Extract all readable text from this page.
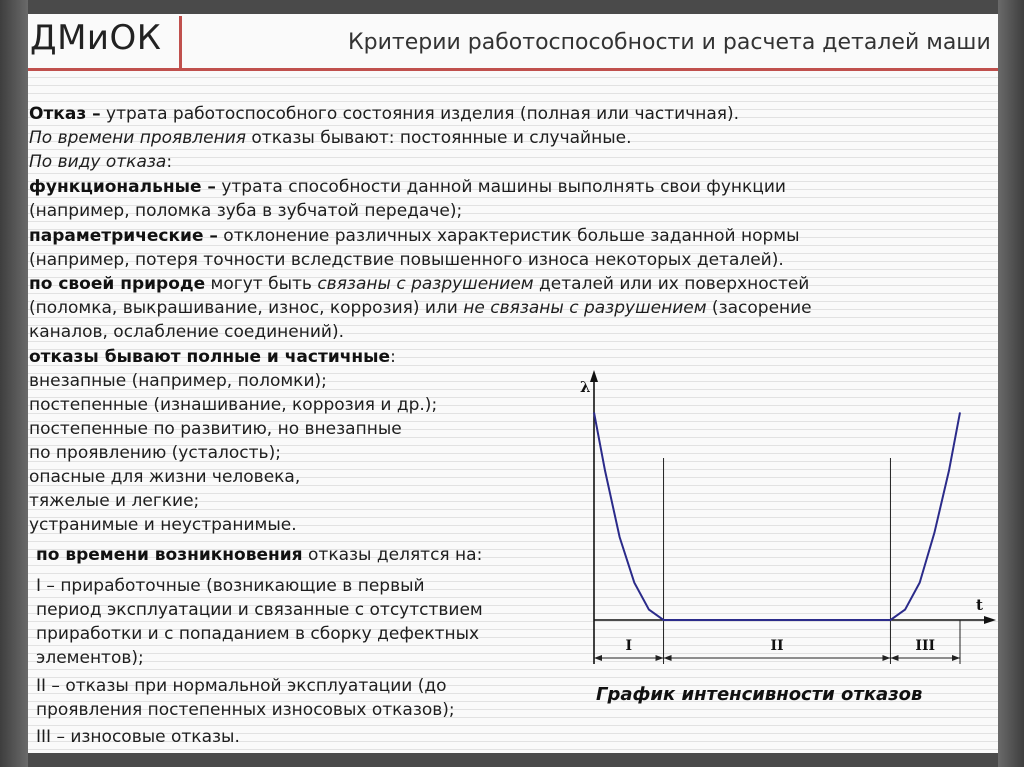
ДМиОК	Критерии работоспособности и расчета деталей маши
Отказ – утрата работоспособного состояния изделия (полная или частичная).
По времени проявления отказы бывают: постоянные и случайные.
По виду отказа:
функциональные – утрата способности данной машины выполнять свои функции
(например, поломка зуба в зубчатой передаче);
параметрические – отклонение различных характеристик больше заданной нормы
(например, потеря точности вследствие повышенного износа некоторых деталей).
по своей природе могут быть связаны с разрушением деталей или их поверхностей
(поломка, выкрашивание, износ, коррозия) или не связаны с разрушением (засорение
каналов, ослабление соединений).
отказы бывают полные и частичные:
внезапные (например, поломки);
постепенные (изнашивание, коррозия и др.);
постепенные по развитию, но внезапные
по проявлению (усталость);
опасные для жизни человека,
тяжелые и легкие;
устранимые и неустранимые.
по времени возникновения отказы делятся на:
I – приработочные (возникающие в первый
период эксплуатации и связанные с отсутствием
приработки и с попаданием в сборку дефектных
элементов);
II – отказы при нормальной эксплуатации (до
проявления постепенных износовых отказов);
III – износовые отказы.
λ
t
I	II	III
График интенсивности отказов
